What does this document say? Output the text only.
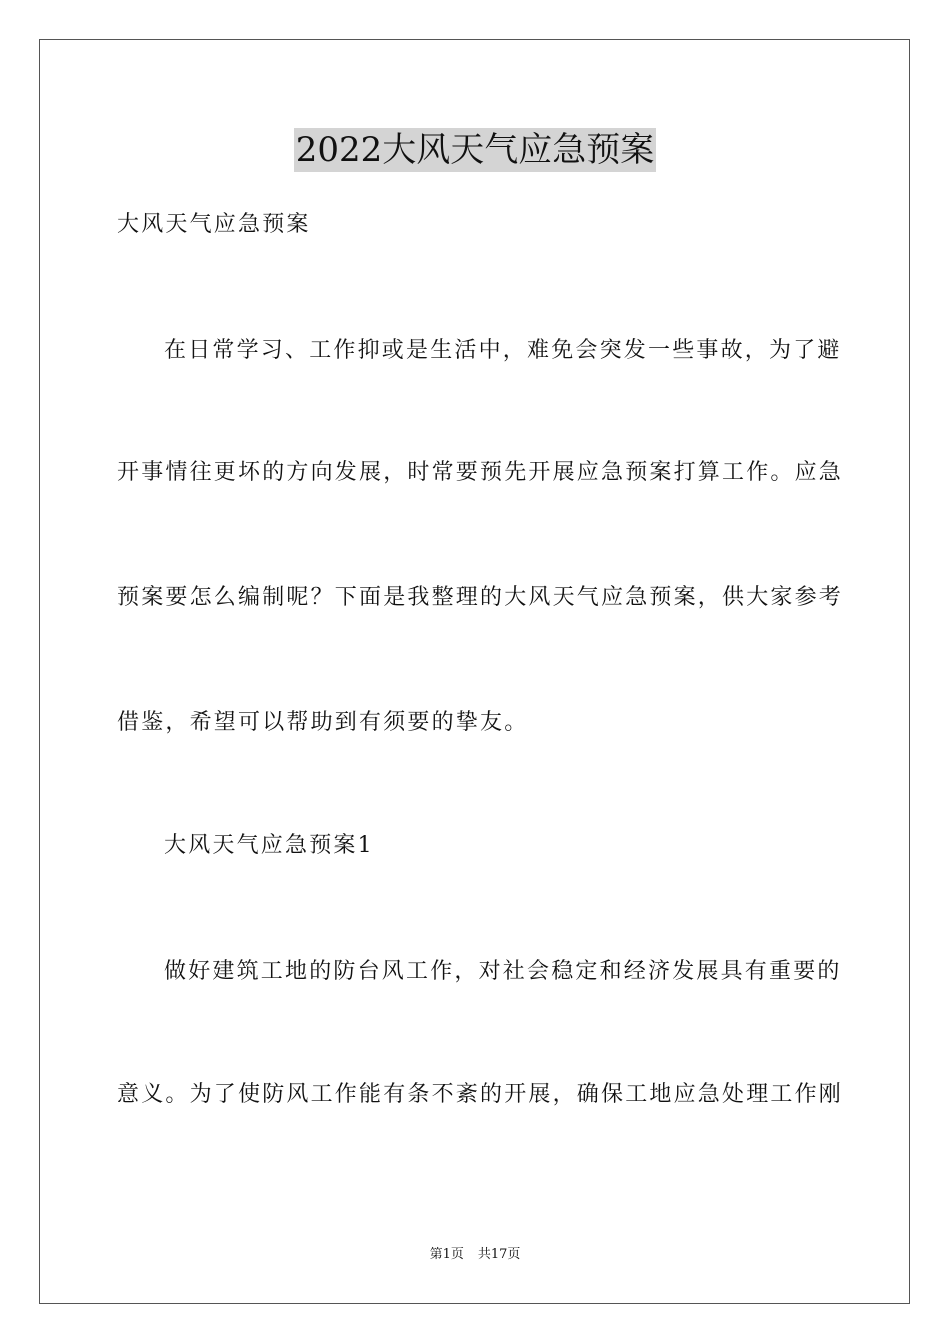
2022大风天气应急预案
大风天气应急预案
在日常学习、工作抑或是生活中，难免会突发一些事故，为了避
开事情往更坏的方向发展，时常要预先开展应急预案打算工作。应急
预案要怎么编制呢？下面是我整理的大风天气应急预案，供大家参考
借鉴，希望可以帮助到有须要的挚友。
大风天气应急预案1
做好建筑工地的防台风工作，对社会稳定和经济发展具有重要的
意义。为了使防风工作能有条不紊的开展，确保工地应急处理工作刚
第1页 共17页
